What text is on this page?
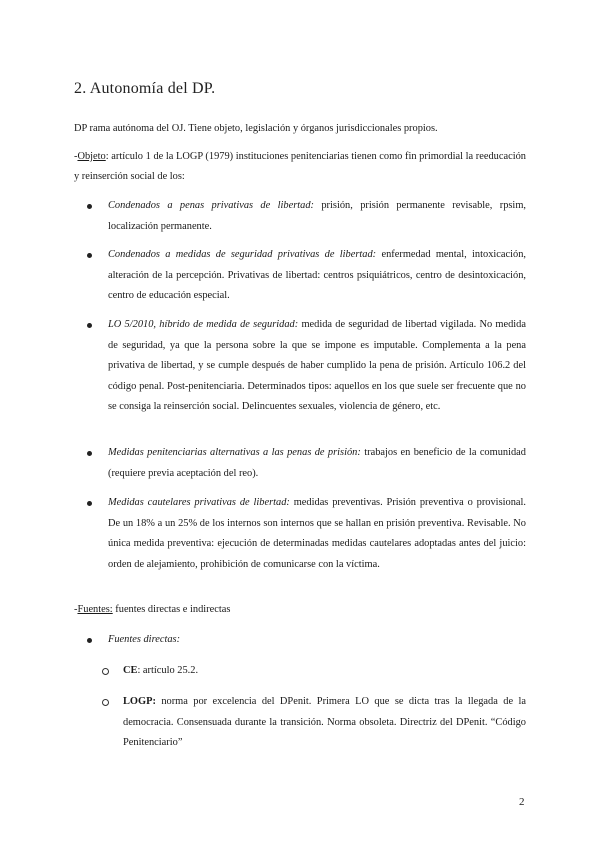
2. Autonomía del DP.
DP rama autónoma del OJ. Tiene objeto, legislación y órganos jurisdiccionales propios.
-Objeto: artículo 1 de la LOGP (1979) instituciones penitenciarias tienen como fin primordial la reeducación y reinserción social de los:
Condenados a penas privativas de libertad: prisión, prisión permanente revisable, rpsim, localización permanente.
Condenados a medidas de seguridad privativas de libertad: enfermedad mental, intoxicación, alteración de la percepción. Privativas de libertad: centros psiquiátricos, centro de desintoxicación, centro de educación especial.
LO 5/2010, híbrido de medida de seguridad: medida de seguridad de libertad vigilada. No medida de seguridad, ya que la persona sobre la que se impone es imputable. Complementa a la pena privativa de libertad, y se cumple después de haber cumplido la pena de prisión. Artículo 106.2 del código penal. Post-penitenciaria. Determinados tipos: aquellos en los que suele ser frecuente que no se consiga la reinserción social. Delincuentes sexuales, violencia de género, etc.
Medidas penitenciarias alternativas a las penas de prisión: trabajos en beneficio de la comunidad (requiere previa aceptación del reo).
Medidas cautelares privativas de libertad: medidas preventivas. Prisión preventiva o provisional. De un 18% a un 25% de los internos son internos que se hallan en prisión preventiva. Revisable. No única medida preventiva: ejecución de determinadas medidas cautelares adoptadas antes del juicio: orden de alejamiento, prohibición de comunicarse con la víctima.
-Fuentes: fuentes directas e indirectas
Fuentes directas:
CE: artículo 25.2.
LOGP: norma por excelencia del DPenit. Primera LO que se dicta tras la llegada de la democracia. Consensuada durante la transición. Norma obsoleta. Directriz del DPenit. “Código Penitenciario”
2
